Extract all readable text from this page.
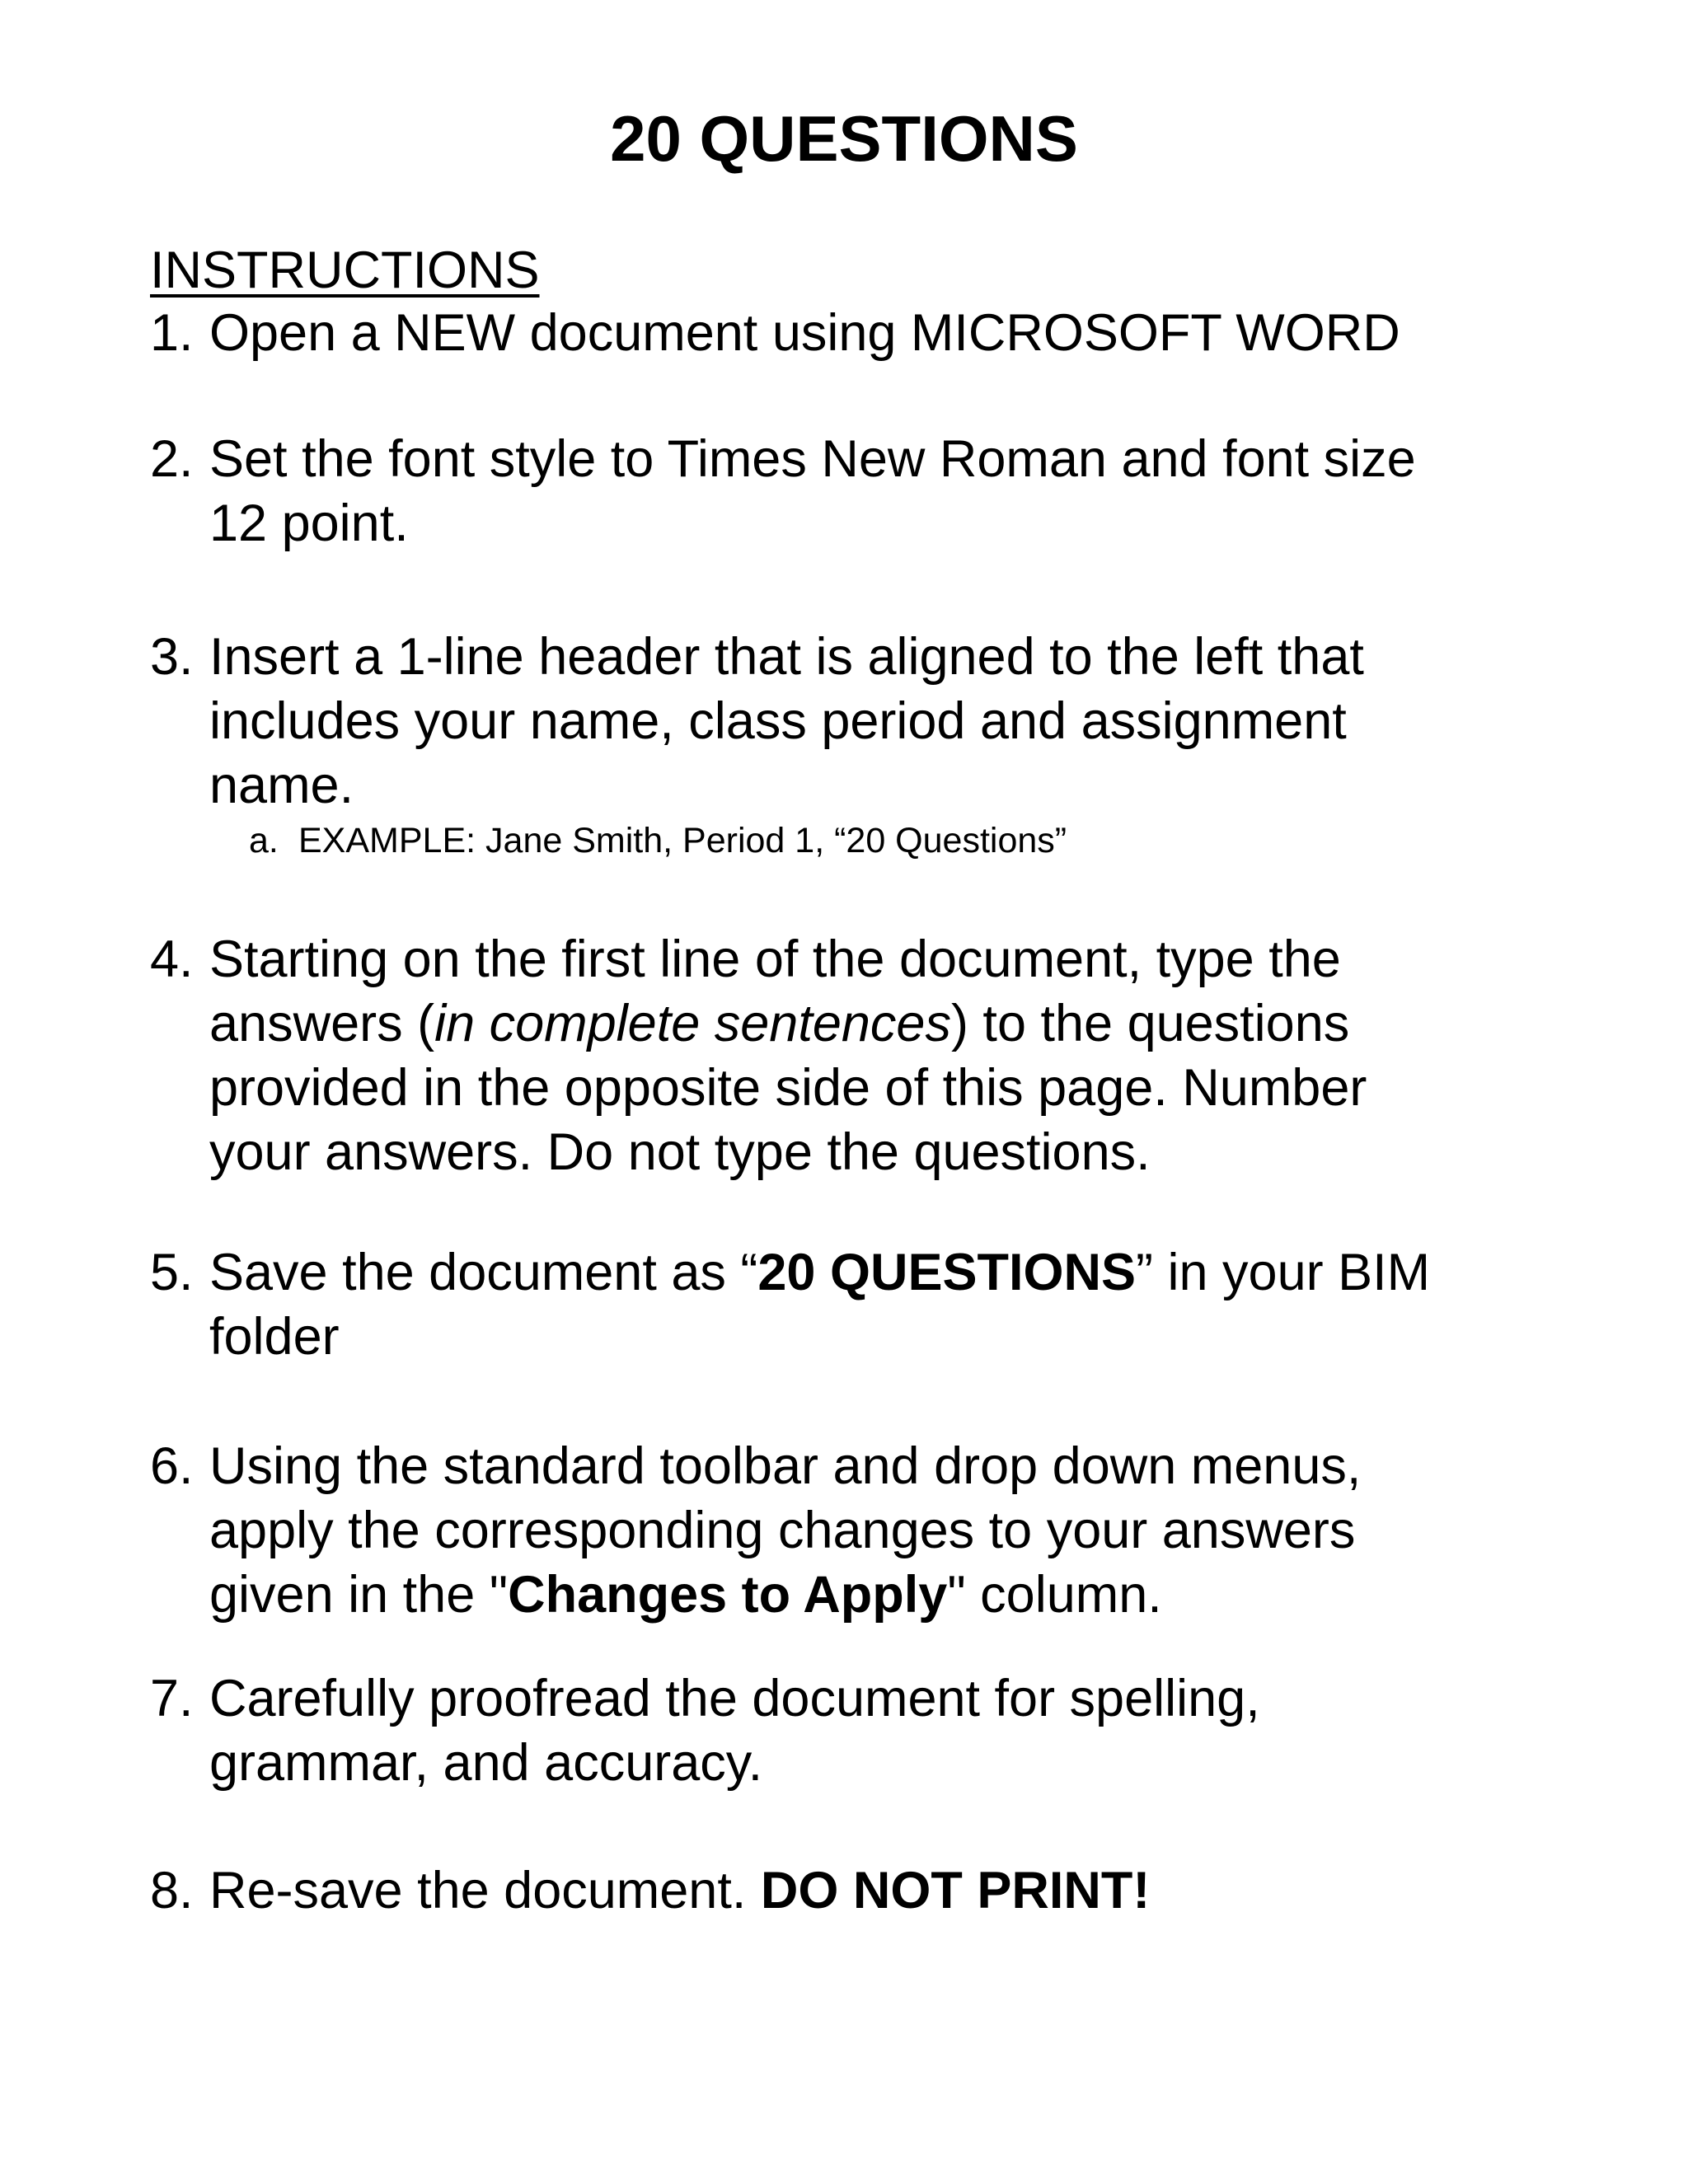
20 QUESTIONS
INSTRUCTIONS
1. Open a NEW document using MICROSOFT WORD
2. Set the font style to Times New Roman and font size
12 point.
3. Insert a 1-line header that is aligned to the left that
includes your name, class period and assignment
name.
a. EXAMPLE: Jane Smith, Period 1, “20 Questions”
4. Starting on the first line of the document, type the
answers (in complete sentences) to the questions
provided in the opposite side of this page. Number
your answers. Do not type the questions.
5. Save the document as “20 QUESTIONS” in your BIM
folder
6. Using the standard toolbar and drop down menus,
apply the corresponding changes to your answers
given in the "Changes to Apply" column.
7. Carefully proofread the document for spelling,
grammar, and accuracy.
8. Re-save the document. DO NOT PRINT!
